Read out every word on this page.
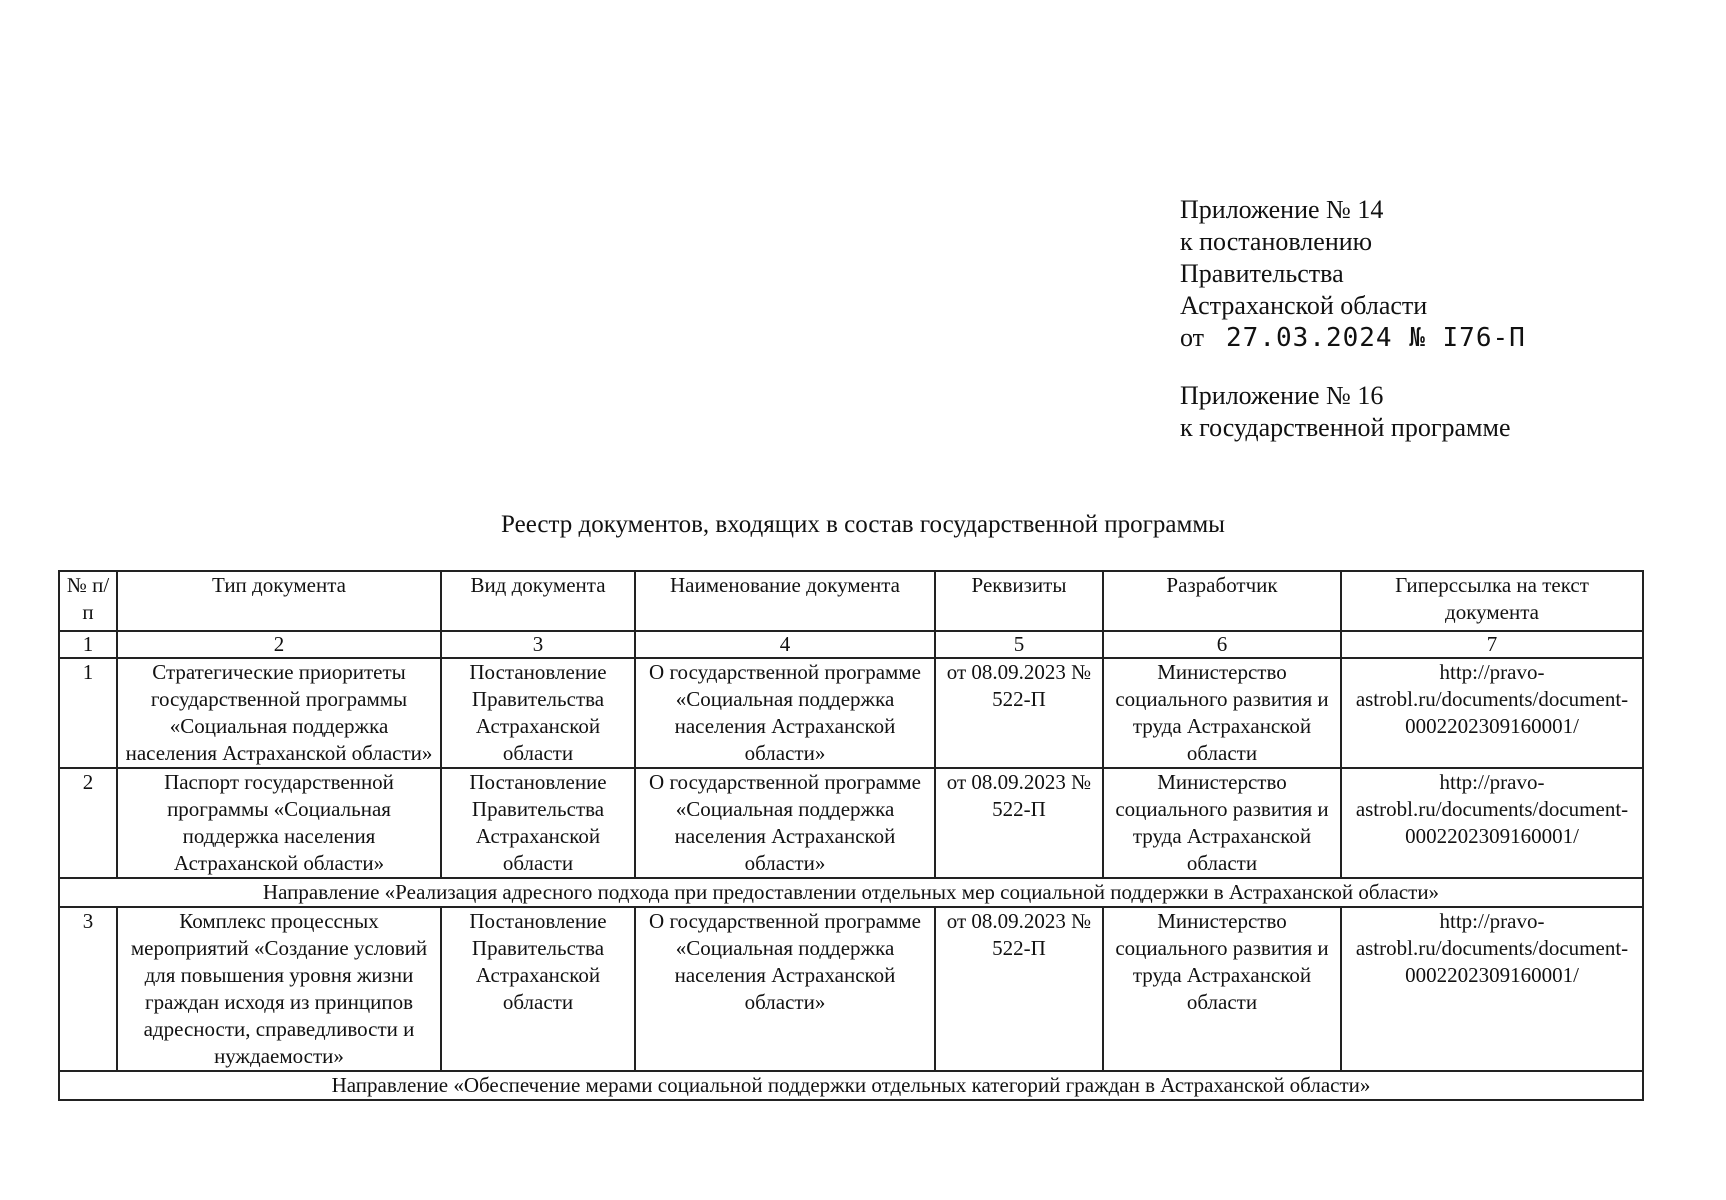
Приложение № 14
к постановлению
Правительства
Астраханской области
от 27.03.2024 № I76-П
Приложение № 16
к государственной программе
Реестр документов, входящих в состав государственной программы
№ п/п	Тип документа	Вид документа	Наименование документа	Реквизиты	Разработчик	Гиперссылка на текст документа
1	2	3	4	5	6	7
1	Стратегические приоритеты государственной программы «Социальная поддержка населения Астраханской области»	Постановление Правительства Астраханской области	О государственной программе «Социальная поддержка населения Астраханской области»	от 08.09.2023 № 522-П	Министерство социального развития и труда Астраханской области	http://pravo-astrobl.ru/documents/document-0002202309160001/
2	Паспорт государственной программы «Социальная поддержка населения Астраханской области»	Постановление Правительства Астраханской области	О государственной программе «Социальная поддержка населения Астраханской области»	от 08.09.2023 № 522-П	Министерство социального развития и труда Астраханской области	http://pravo-astrobl.ru/documents/document-0002202309160001/
Направление «Реализация адресного подхода при предоставлении отдельных мер социальной поддержки в Астраханской области»						
3	Комплекс процессных мероприятий «Создание условий для повышения уровня жизни граждан исходя из принципов адресности, справедливости и нуждаемости»	Постановление Правительства Астраханской области	О государственной программе «Социальная поддержка населения Астраханской области»	от 08.09.2023 № 522-П	Министерство социального развития и труда Астраханской области	http://pravo-astrobl.ru/documents/document-0002202309160001/
Направление «Обеспечение мерами социальной поддержки отдельных категорий граждан в Астраханской области»						
